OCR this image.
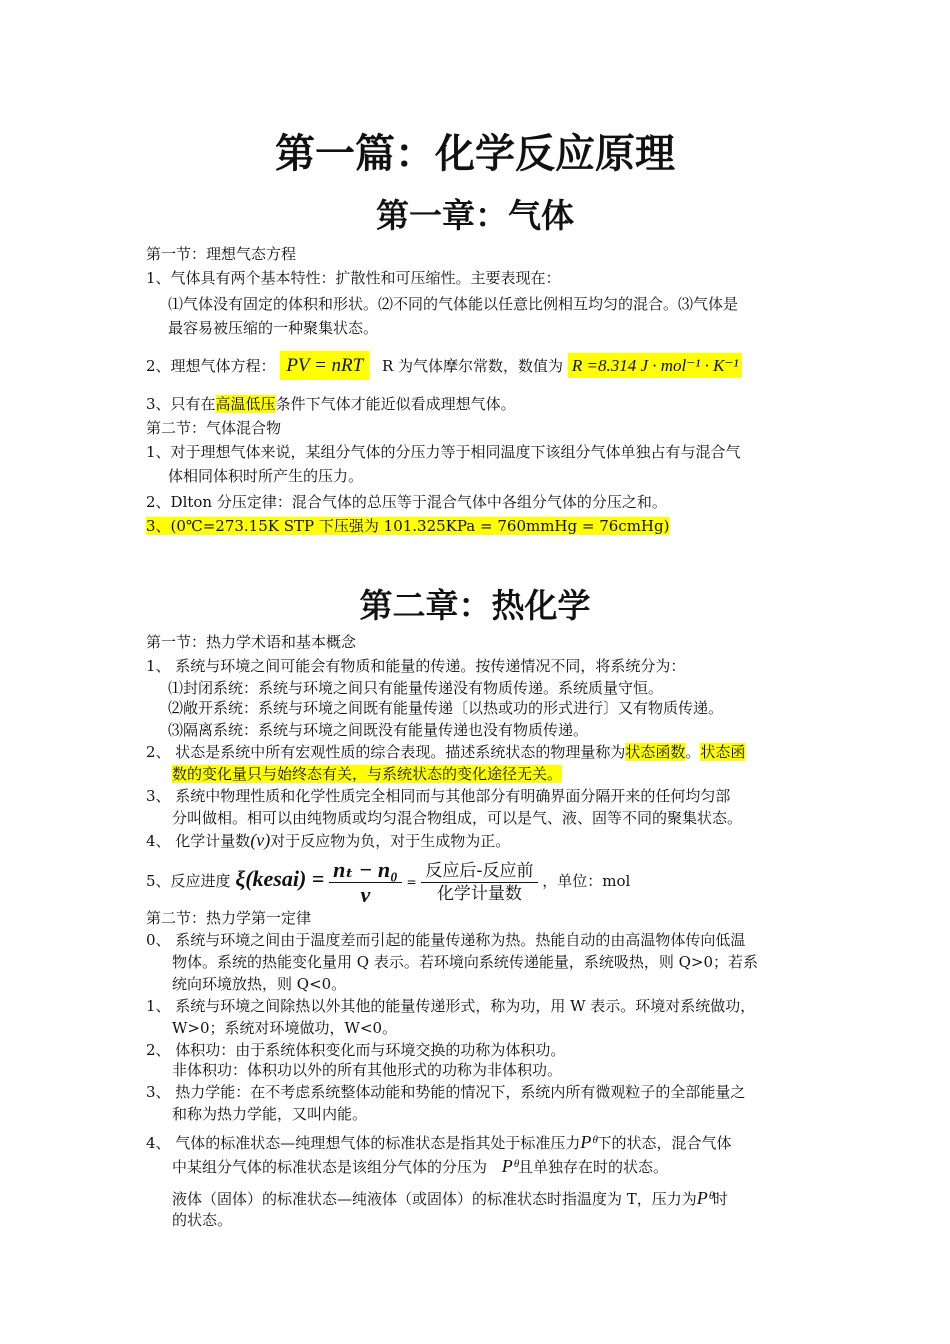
第一篇：化学反应原理
第一章：气体
第一节：理想气态方程
1、气体具有两个基本特性：扩散性和可压缩性。主要表现在：
⑴气体没有固定的体积和形状。⑵不同的气体能以任意比例相互均匀的混合。⑶气体是
最容易被压缩的一种聚集状态。
2、理想气体方程： PV = nRT R 为气体摩尔常数，数值为 R =8.314 J · mol⁻¹ · K⁻¹
3、只有在高温低压条件下气体才能近似看成理想气体。
第二节：气体混合物
1、对于理想气体来说，某组分气体的分压力等于相同温度下该组分气体单独占有与混合气
体相同体积时所产生的压力。
2、Dlton 分压定律：混合气体的总压等于混合气体中各组分气体的分压之和。
3、(0℃=273.15K STP 下压强为 101.325KPa = 760mmHg = 76cmHg)
第二章：热化学
第一节：热力学术语和基本概念
1、 系统与环境之间可能会有物质和能量的传递。按传递情况不同，将系统分为：
⑴封闭系统：系统与环境之间只有能量传递没有物质传递。系统质量守恒。
⑵敞开系统：系统与环境之间既有能量传递〔以热或功的形式进行〕又有物质传递。
⑶隔离系统：系统与环境之间既没有能量传递也没有物质传递。
2、 状态是系统中所有宏观性质的综合表现。描述系统状态的物理量称为状态函数。状态函
数的变化量只与始终态有关，与系统状态的变化途径无关。
3、 系统中物理性质和化学性质完全相同而与其他部分有明确界面分隔开来的任何均匀部
分叫做相。相可以由纯物质或均匀混合物组成，可以是气、液、固等不同的聚集状态。
4、 化学计量数(ν)对于反应物为负，对于生成物为正。
5、反应进度 ξ(kesai) = $\frac{\text{nₜ − n₀}}{\nu} = \frac{\text{反应后-反应前}}{\text{化学计量数}}$ ，单位：mol
第二节：热力学第一定律
0、 系统与环境之间由于温度差而引起的能量传递称为热。热能自动的由高温物体传向低温
物体。系统的热能变化量用 Q 表示。若环境向系统传递能量，系统吸热，则 Q>0；若系
统向环境放热，则 Q<0。
1、 系统与环境之间除热以外其他的能量传递形式，称为功，用 W 表示。环境对系统做功，
W>0；系统对环境做功，W<0。
2、 体积功：由于系统体积变化而与环境交换的功称为体积功。
非体积功：体积功以外的所有其他形式的功称为非体积功。
3、 热力学能：在不考虑系统整体动能和势能的情况下，系统内所有微观粒子的全部能量之
和称为热力学能，又叫内能。
4、 气体的标准状态—纯理想气体的标准状态是指其处于标准压力Pᶿ下的状态，混合气体
中某组分气体的标准状态是该组分气体的分压为 Pᶿ且单独存在时的状态。
液体（固体）的标准状态—纯液体（或固体）的标准状态时指温度为 T，压力为Pᶿ时
的状态。
